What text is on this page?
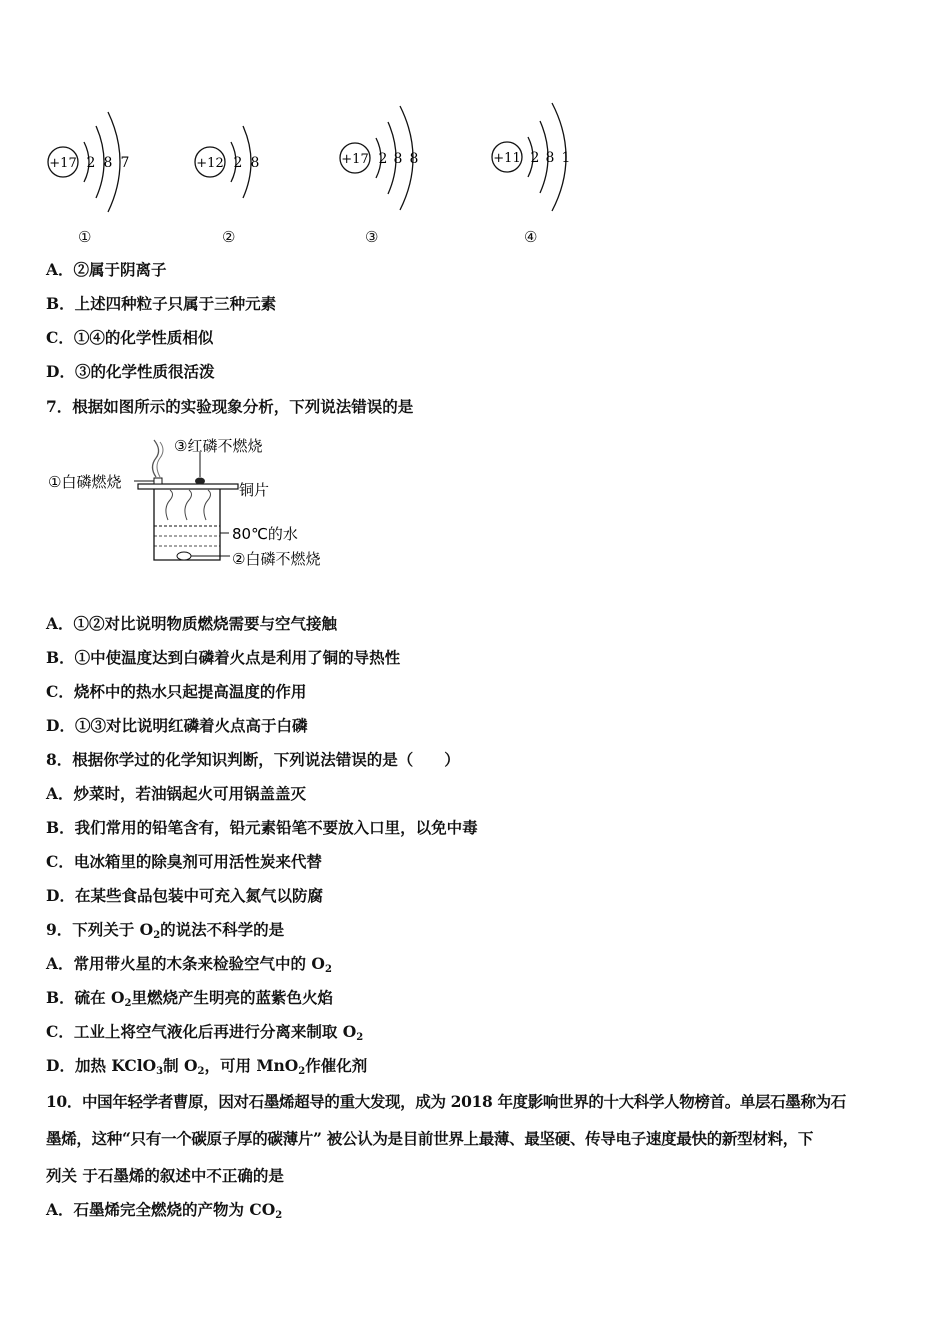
+17 2 8 7
①
+12 2 8
②
+17 2 8 8
③
+11 2 8 1
④
A．②属于阴离子
B．上述四种粒子只属于三种元素
C．①④的化学性质相似
D．③的化学性质很活泼
7．根据如图所示的实验现象分析，下列说法错误的是
③红磷不燃烧
①白磷燃烧	铜片
80℃的水
②白磷不燃烧
A．①②对比说明物质燃烧需要与空气接触
B．①中使温度达到白磷着火点是利用了铜的导热性
C．烧杯中的热水只起提高温度的作用
D．①③对比说明红磷着火点高于白磷
8．根据你学过的化学知识判断，下列说法错误的是（　　）
A．炒菜时，若油锅起火可用锅盖盖灭
B．我们常用的铅笔含有，铅元素铅笔不要放入口里，以免中毒
C．电冰箱里的除臭剂可用活性炭来代替
D．在某些食品包装中可充入氮气以防腐
9．下列关于 $O_2$的说法不科学的是
A．常用带火星的木条来检验空气中的 $O_2$
B．硫在 $O_2$里燃烧产生明亮的蓝紫色火焰
C．工业上将空气液化后再进行分离来制取 $O_2$
D．加热 KClO$_3$制 $O_2$，可用 MnO$_2$作催化剂
10．中国年轻学者曹原，因对石墨烯超导的重大发现，成为 2018 年度影响世界的十大科学人物榜首。单层石墨称为石
墨烯，这种“只有一个碳原子厚的碳薄片” 被公认为是目前世界上最薄、最坚硬、传导电子速度最快的新型材料，下
列关 于石墨烯的叙述中不正确的是
A．石墨烯完全燃烧的产物为 $CO_2$
